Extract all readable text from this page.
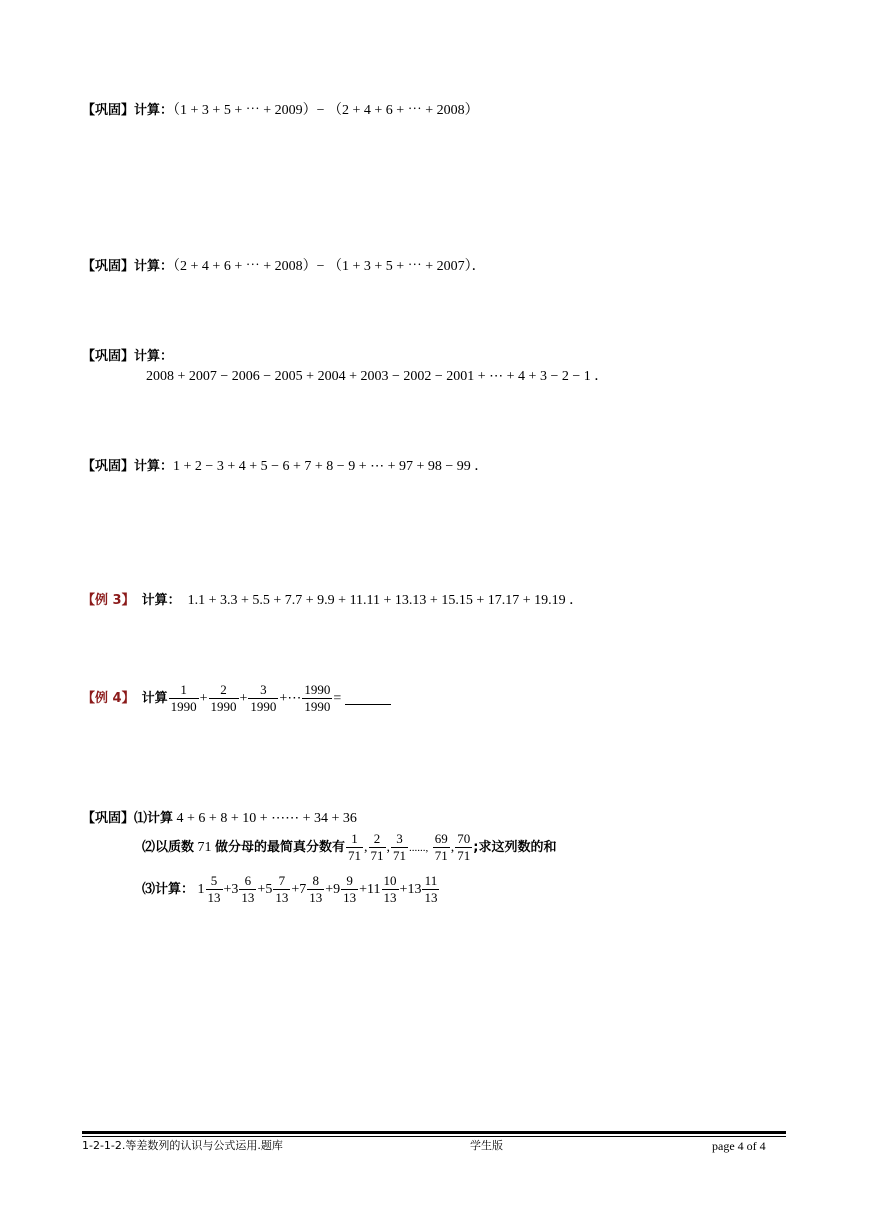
【巩固】计算：（1 + 3 + 5 + ⋯ + 2009）− （2 + 4 + 6 + ⋯ + 2008）
【巩固】计算：（2 + 4 + 6 + ⋯ + 2008）− （1 + 3 + 5 + ⋯ + 2007）．
【巩固】计算：
2008 + 2007 − 2006 − 2005 + 2004 + 2003 − 2002 − 2001 + ⋯ + 4 + 3 − 2 − 1 ．
【巩固】计算：1 + 2 − 3 + 4 + 5 − 6 + 7 + 8 − 9 + ⋯ + 97 + 98 − 99 ．
【例 3】 计算： 1.1 + 3.3 + 5.5 + 7.7 + 9.9 + 11.11 + 13.13 + 15.15 + 17.17 + 19.19 ．
【例 4】 计算 $\frac{1}{1990} + \frac{2}{1990} + \frac{3}{1990}$ +⋯ $\frac{1990}{1990}$ =
【巩固】⑴计算 4 + 6 + 8 + 10 + ⋯⋯ + 34 + 36
⑵以质数 71 做分母的最简真分数有 $\frac{1}{71}$ , $\frac{2}{71}$ , $\frac{3}{71}$ ......, $\frac{69}{71}$ , $\frac{70}{71}$ ;求这列数的和
⑶计算： $1 \frac{5}{13} +3 \frac{6}{13} +5 \frac{7}{13} +7 \frac{8}{13} +9 \frac{9}{13} +11 \frac{10}{13} +13 \frac{11}{13}$
1-2-1-2.等差数列的认识与公式运用.题库	学生版	page 4 of 4
